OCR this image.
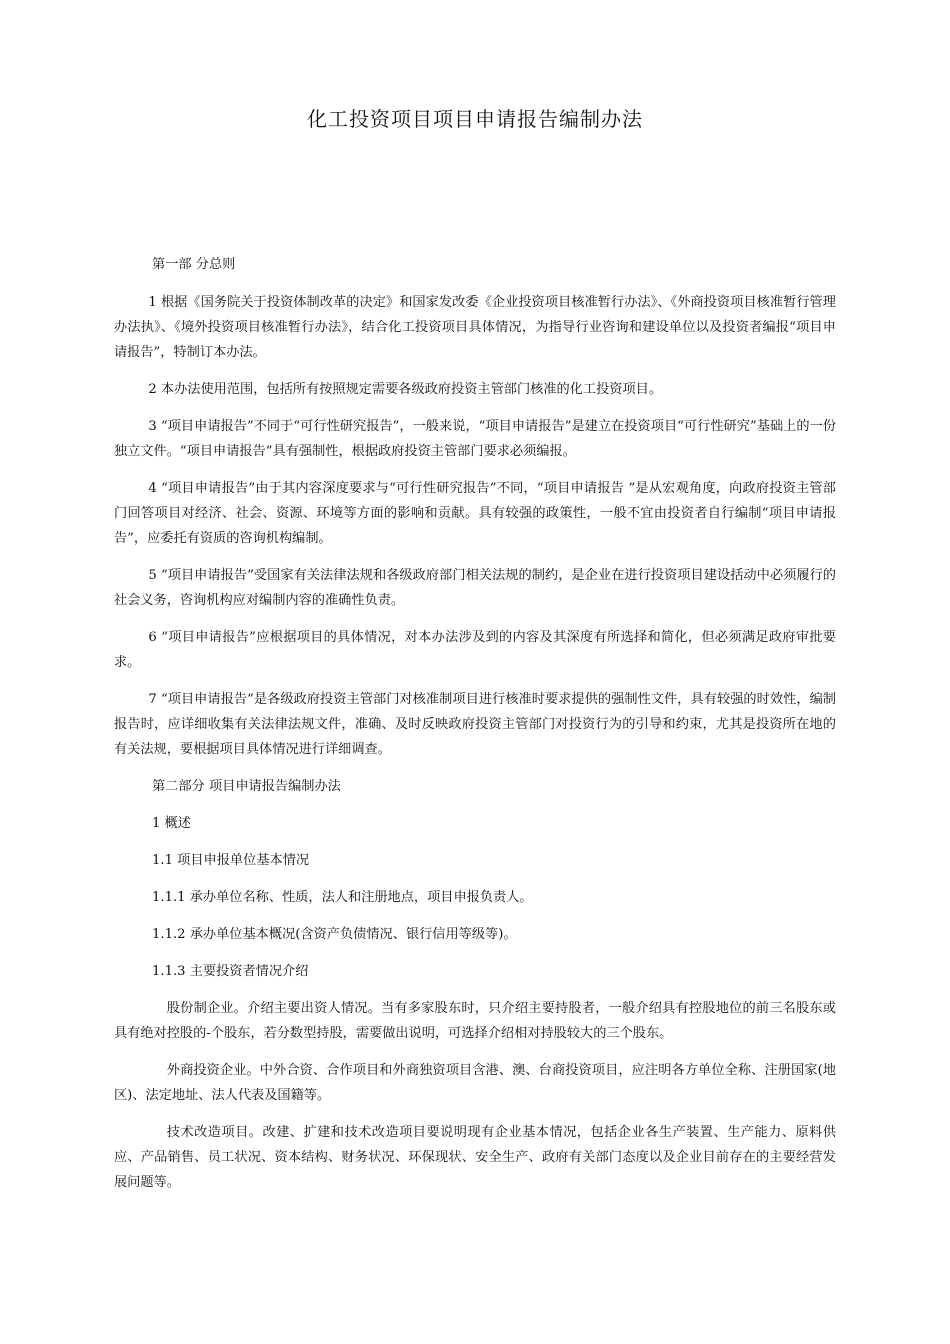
化工投资项目项目申请报告编制办法

第一部 分总则

1 根据《国务院关于投资体制改革的决定》和国家发改委《企业投资项目核准暂行办法》、《外商投资项目核准暂行管理办法执》、《境外投资项目核准暂行办法》，结合化工投资项目具体情况，为指导行业咨询和建设单位以及投资者编报“项目申请报告”，特制订本办法。

2 本办法使用范围，包括所有按照规定需要各级政府投资主管部门核准的化工投资项目。

3 “项目申请报告”不同于“可行性研究报告”，一般来说，“项目申请报告”是建立在投资项目“可行性研究”基础上的一份独立文件。“项目申请报告”具有强制性，根据政府投资主管部门要求必须编报。

4 “项目申请报告”由于其内容深度要求与“可行性研究报告”不同，“项目申请报告 ”是从宏观角度，向政府投资主管部门回答项目对经济、社会、资源、环境等方面的影响和贡献。具有较强的政策性，一般不宜由投资者自行编制“项目申请报告”，应委托有资质的咨询机构编制。

5 “项目申请报告”受国家有关法律法规和各级政府部门相关法规的制约，是企业在进行投资项目建设括动中必须履行的社会义务，咨询机构应对编制内容的准确性负责。

6 “项目申请报告”应根据项目的具体情况，对本办法涉及到的内容及其深度有所选择和简化，但必须满足政府审批要求。

7 “项目申请报告”是各级政府投资主管部门对核准制项目进行核准时要求提供的强制性文件，具有较强的时效性，编制报告时，应详细收集有关法律法规文件，准确、及时反映政府投资主管部门对投资行为的引导和约束，尤其是投资所在地的有关法规，要根据项目具体情况进行详细调查。

第二部分 项目申请报告编制办法

1 概述

1.1 项目申报单位基本情况

1.1.1 承办单位名称、性质，法人和注册地点，项目申报负责人。

1.1.2 承办单位基本概况(含资产负债情况、银行信用等级等)。

1.1.3 主要投资者情况介绍

股份制企业。介绍主要出资人情况。当有多家股东时，只介绍主要持股者，一般介绍具有控股地位的前三名股东或具有绝对控股的-个股东，若分数型持股，需要做出说明，可选择介绍相对持股较大的三个股东。

外商投资企业。中外合资、合作项目和外商独资项目含港、澳、台商投资项目，应注明各方单位全称、注册国家(地区)、法定地址、法人代表及国籍等。

技术改造项目。改建、扩建和技术改造项目要说明现有企业基本情况，包括企业各生产装置、生产能力、原料供应、产品销售、员工状况、资本结构、财务状况、环保现状、安全生产、政府有关部门态度以及企业目前存在的主要经营发展问题等。
